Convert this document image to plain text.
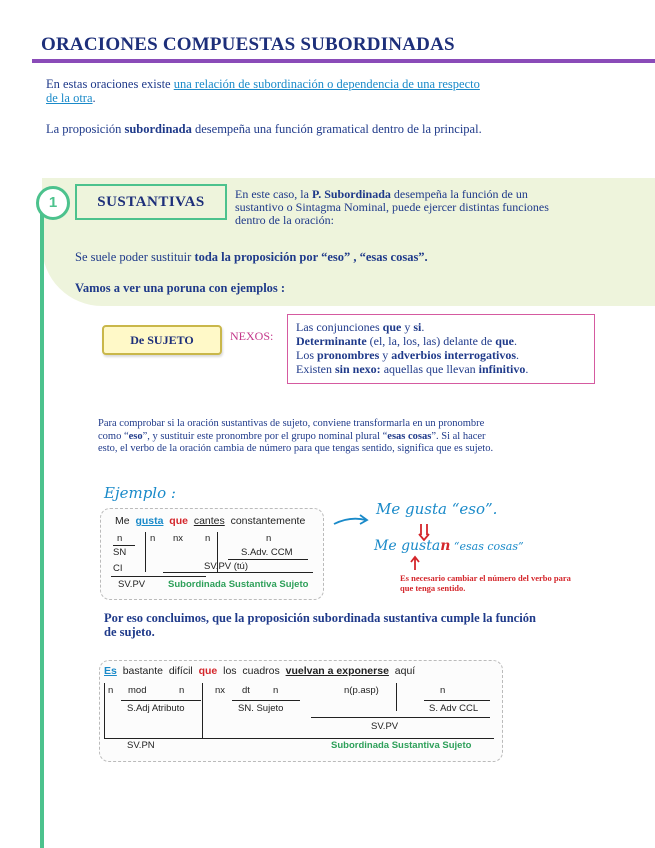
ORACIONES COMPUESTAS SUBORDINADAS
En estas oraciones existe una relación de subordinación o dependencia de una respecto
de la otra.
La proposición subordinada desempeña una función gramatical dentro de la principal.
1	SUSTANTIVAS	En este caso, la P. Subordinada desempeña la función de un
sustantivo o Sintagma Nominal, puede ejercer distintas funciones
dentro de la oración:
Se suele poder sustituir toda la proposición por “eso” , “esas cosas”.
Vamos a ver una poruna con ejemplos :
De SUJETO	NEXOS:
Las conjunciones que y si.
Determinante (el, la, los, las) delante de que.
Los pronombres y adverbios interrogativos.
Existen sin nexo: aquellas que llevan infinitivo.
Para comprobar si la oración sustantivas de sujeto, conviene transformarla en un pronombre
como “eso”, y sustituir este pronombre por el grupo nominal plural “esas cosas”. Si al hacer
esto, el verbo de la oración cambia de número para que tengas sentido, significa que es sujeto.
Ejemplo :
Me gusta que cantes constantemente
n	n nx n	n
SN	S.Adv. CCM
CI	SV.PV (tú)
SV.PV Subordinada Sustantiva Sujeto
Me gusta “eso”.
Me gustan “esas cosas”
Es necesario cambiar el número del verbo para
que tenga sentido.
Por eso concluimos, que la proposición subordinada sustantiva cumple la función
de sujeto.
Es bastante difícil que los cuadros vuelvan a exponerse aquí
n mod	n	nx dt n	n(p.asp)	n
S.Adj Atributo	SN. Sujeto	S. Adv CCL
SV.PV
SV.PN	Subordinada Sustantiva Sujeto
